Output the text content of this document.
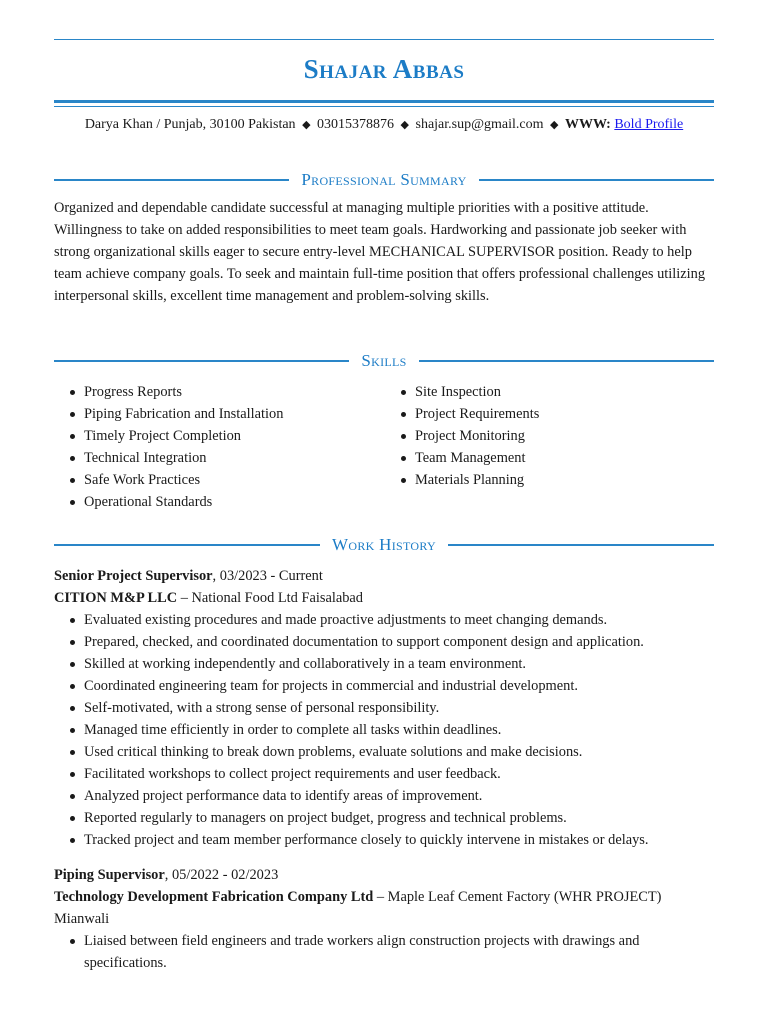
Shajar Abbas
Darya Khan / Punjab, 30100 Pakistan ◆ 03015378876 ◆ shajar.sup@gmail.com ◆ WWW: Bold Profile
Professional Summary
Organized and dependable candidate successful at managing multiple priorities with a positive attitude. Willingness to take on added responsibilities to meet team goals. Hardworking and passionate job seeker with strong organizational skills eager to secure entry-level MECHANICAL SUPERVISOR position. Ready to help team achieve company goals. To seek and maintain full-time position that offers professional challenges utilizing interpersonal skills, excellent time management and problem-solving skills.
Skills
Progress Reports
Piping Fabrication and Installation
Timely Project Completion
Technical Integration
Safe Work Practices
Operational Standards
Site Inspection
Project Requirements
Project Monitoring
Team Management
Materials Planning
Work History
Senior Project Supervisor, 03/2023 - Current
CITION M&P LLC – National Food Ltd Faisalabad
Evaluated existing procedures and made proactive adjustments to meet changing demands.
Prepared, checked, and coordinated documentation to support component design and application.
Skilled at working independently and collaboratively in a team environment.
Coordinated engineering team for projects in commercial and industrial development.
Self-motivated, with a strong sense of personal responsibility.
Managed time efficiently in order to complete all tasks within deadlines.
Used critical thinking to break down problems, evaluate solutions and make decisions.
Facilitated workshops to collect project requirements and user feedback.
Analyzed project performance data to identify areas of improvement.
Reported regularly to managers on project budget, progress and technical problems.
Tracked project and team member performance closely to quickly intervene in mistakes or delays.
Piping Supervisor, 05/2022 - 02/2023
Technology Development Fabrication Company Ltd – Maple Leaf Cement Factory (WHR PROJECT) Mianwali
Liaised between field engineers and trade workers align construction projects with drawings and specifications.
